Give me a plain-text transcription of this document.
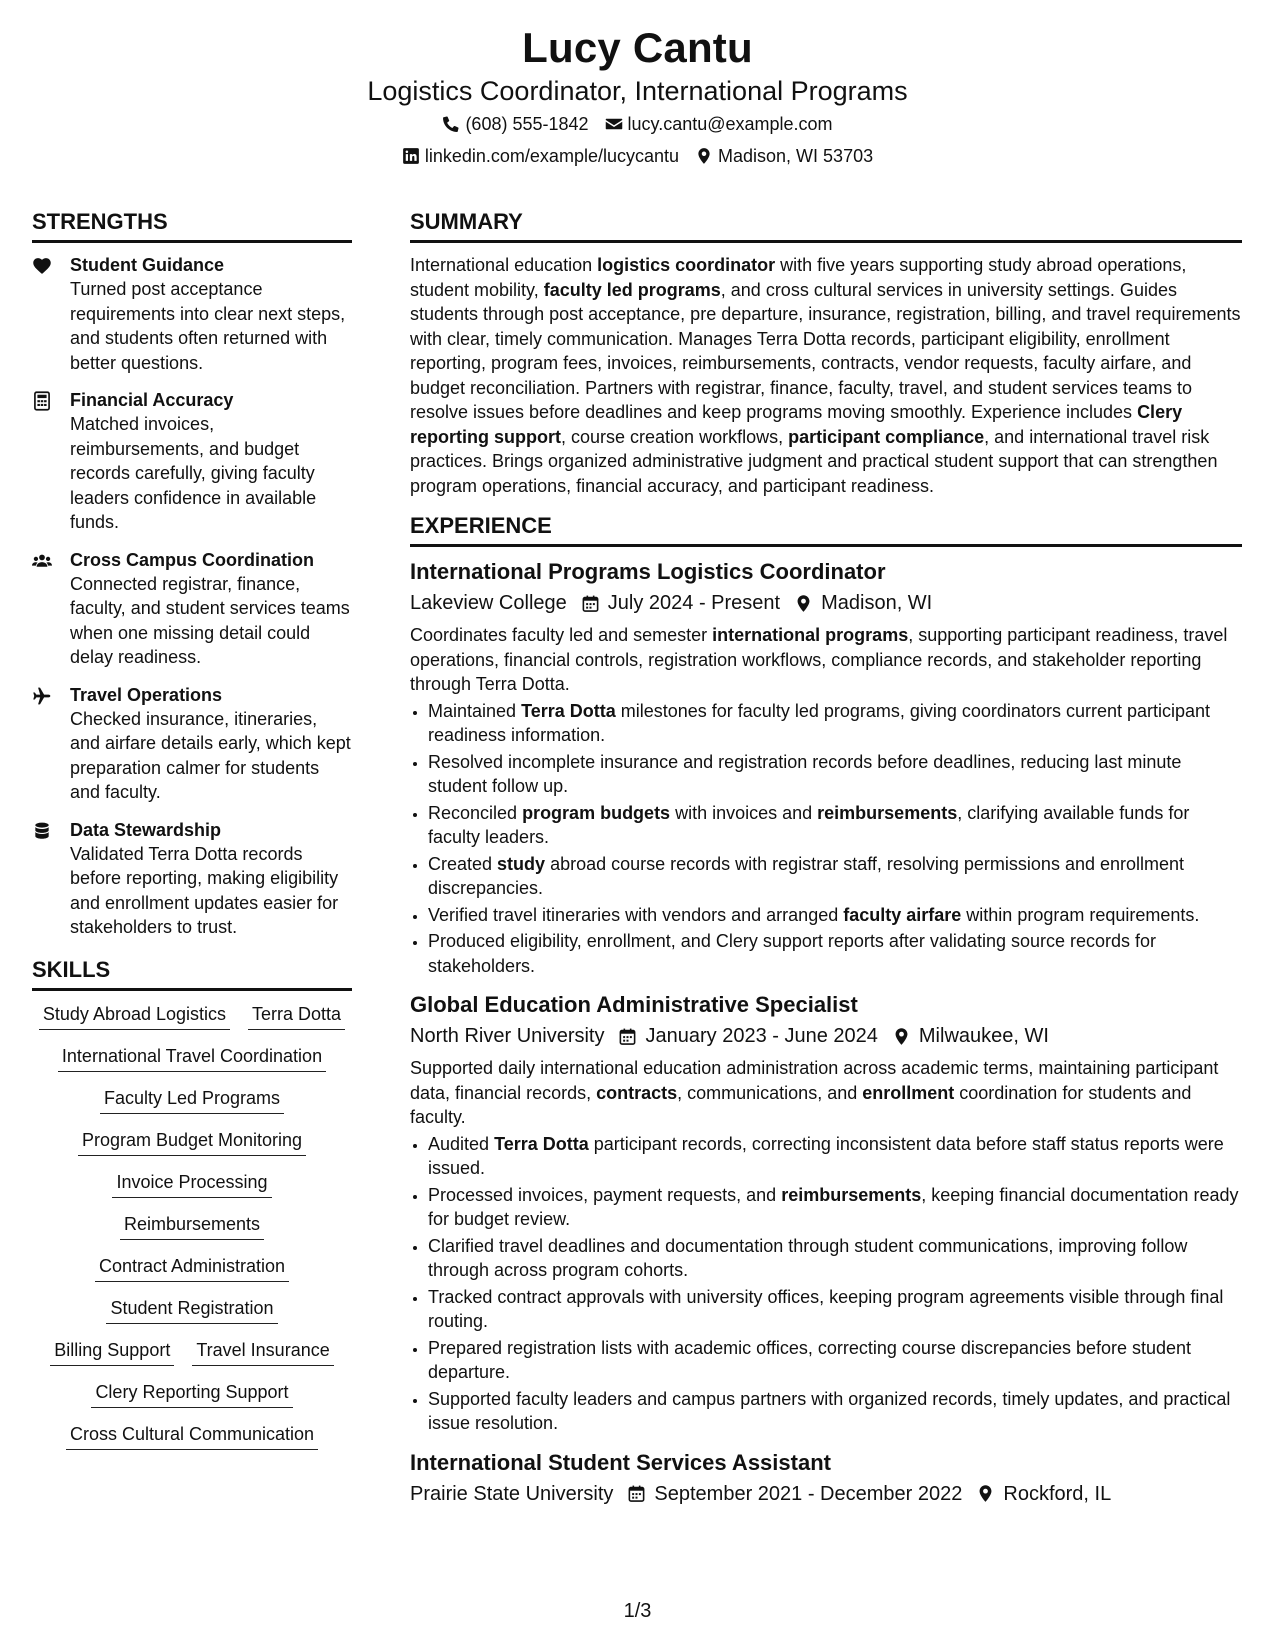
Lucy Cantu
Logistics Coordinator, International Programs
(608) 555-1842 lucy.cantu@example.com
linkedin.com/example/lucycantu Madison, WI 53703
STRENGTHS
Student Guidance
Turned post acceptance requirements into clear next steps, and students often returned with better questions.
Financial Accuracy
Matched invoices, reimbursements, and budget records carefully, giving faculty leaders confidence in available funds.
Cross Campus Coordination
Connected registrar, finance, faculty, and student services teams when one missing detail could delay readiness.
Travel Operations
Checked insurance, itineraries, and airfare details early, which kept preparation calmer for students and faculty.
Data Stewardship
Validated Terra Dotta records before reporting, making eligibility and enrollment updates easier for stakeholders to trust.
SKILLS
Study Abroad Logistics Terra Dotta
International Travel Coordination
Faculty Led Programs
Program Budget Monitoring
Invoice Processing
Reimbursements
Contract Administration
Student Registration
Billing Support Travel Insurance
Clery Reporting Support
Cross Cultural Communication
SUMMARY
International education logistics coordinator with five years supporting study abroad operations, student mobility, faculty led programs, and cross cultural services in university settings. Guides students through post acceptance, pre departure, insurance, registration, billing, and travel requirements with clear, timely communication. Manages Terra Dotta records, participant eligibility, enrollment reporting, program fees, invoices, reimbursements, contracts, vendor requests, faculty airfare, and budget reconciliation. Partners with registrar, finance, faculty, travel, and student services teams to resolve issues before deadlines and keep programs moving smoothly. Experience includes Clery reporting support, course creation workflows, participant compliance, and international travel risk practices. Brings organized administrative judgment and practical student support that can strengthen program operations, financial accuracy, and participant readiness.
EXPERIENCE
International Programs Logistics Coordinator
Lakeview College July 2024 - Present Madison, WI
Coordinates faculty led and semester international programs, supporting participant readiness, travel operations, financial controls, registration workflows, compliance records, and stakeholder reporting through Terra Dotta.
• Maintained Terra Dotta milestones for faculty led programs, giving coordinators current participant readiness information.
• Resolved incomplete insurance and registration records before deadlines, reducing last minute student follow up.
• Reconciled program budgets with invoices and reimbursements, clarifying available funds for faculty leaders.
• Created study abroad course records with registrar staff, resolving permissions and enrollment discrepancies.
• Verified travel itineraries with vendors and arranged faculty airfare within program requirements.
• Produced eligibility, enrollment, and Clery support reports after validating source records for stakeholders.
Global Education Administrative Specialist
North River University January 2023 - June 2024 Milwaukee, WI
Supported daily international education administration across academic terms, maintaining participant data, financial records, contracts, communications, and enrollment coordination for students and faculty.
• Audited Terra Dotta participant records, correcting inconsistent data before staff status reports were issued.
• Processed invoices, payment requests, and reimbursements, keeping financial documentation ready for budget review.
• Clarified travel deadlines and documentation through student communications, improving follow through across program cohorts.
• Tracked contract approvals with university offices, keeping program agreements visible through final routing.
• Prepared registration lists with academic offices, correcting course discrepancies before student departure.
• Supported faculty leaders and campus partners with organized records, timely updates, and practical issue resolution.
International Student Services Assistant
Prairie State University September 2021 - December 2022 Rockford, IL
1/3
